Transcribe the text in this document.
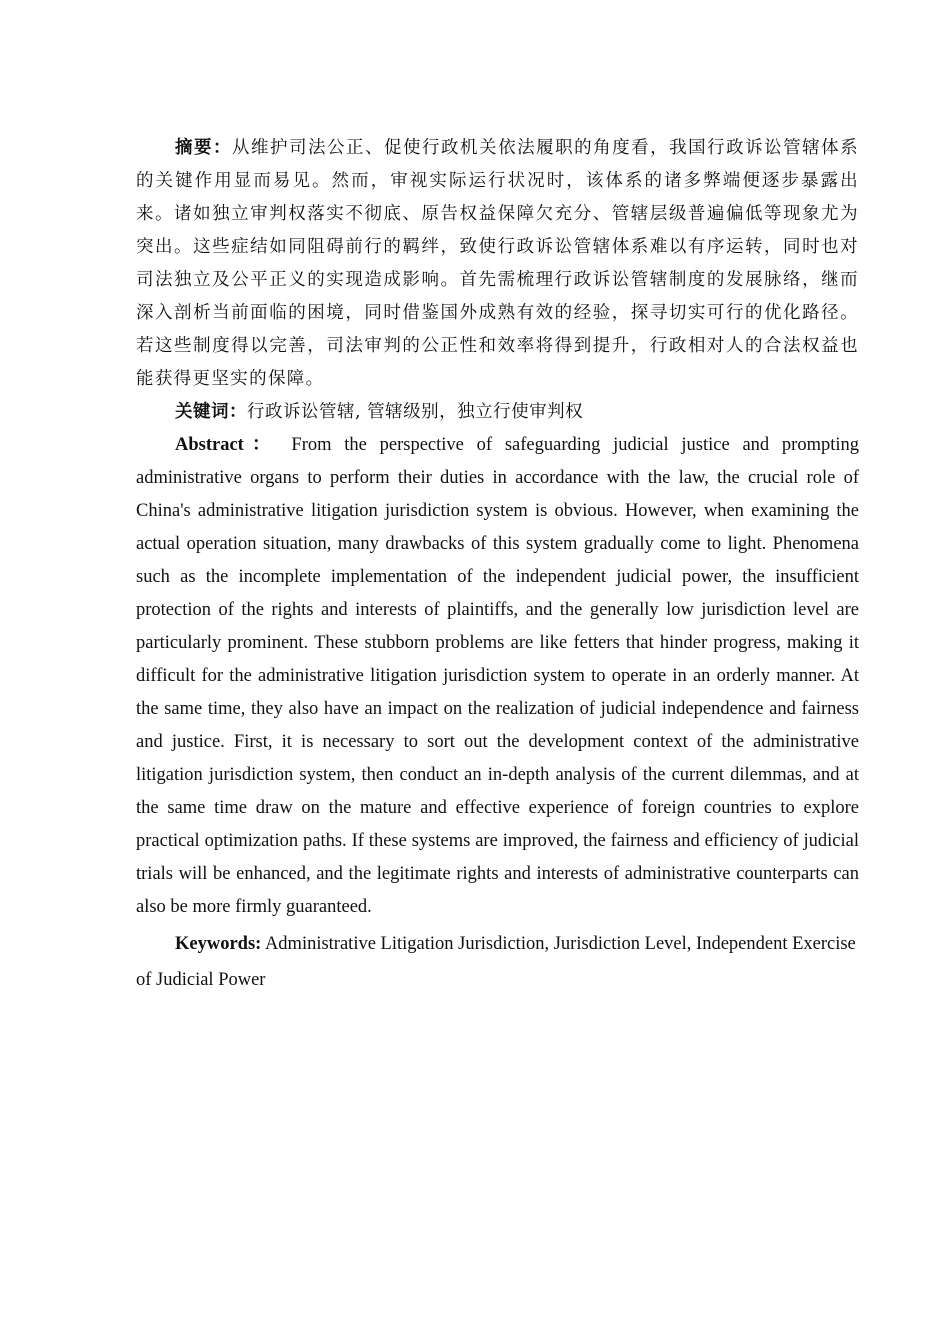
摘要：从维护司法公正、促使行政机关依法履职的角度看，我国行政诉讼管辖体系的关键作用显而易见。然而，审视实际运行状况时，该体系的诸多弊端便逐步暴露出来。诸如独立审判权落实不彻底、原告权益保障欠充分、管辖层级普遍偏低等现象尤为突出。这些症结如同阻碍前行的羁绊，致使行政诉讼管辖体系难以有序运转，同时也对司法独立及公平正义的实现造成影响。首先需梳理行政诉讼管辖制度的发展脉络，继而深入剖析当前面临的困境，同时借鉴国外成熟有效的经验，探寻切实可行的优化路径。若这些制度得以完善，司法审判的公正性和效率将得到提升，行政相对人的合法权益也能获得更坚实的保障。

关键词：行政诉讼管辖, 管辖级别，独立行使审判权

Abstract： From the perspective of safeguarding judicial justice and prompting administrative organs to perform their duties in accordance with the law, the crucial role of China's administrative litigation jurisdiction system is obvious. However, when examining the actual operation situation, many drawbacks of this system gradually come to light. Phenomena such as the incomplete implementation of the independent judicial power, the insufficient protection of the rights and interests of plaintiffs, and the generally low jurisdiction level are particularly prominent. These stubborn problems are like fetters that hinder progress, making it difficult for the administrative litigation jurisdiction system to operate in an orderly manner. At the same time, they also have an impact on the realization of judicial independence and fairness and justice. First, it is necessary to sort out the development context of the administrative litigation jurisdiction system, then conduct an in-depth analysis of the current dilemmas, and at the same time draw on the mature and effective experience of foreign countries to explore practical optimization paths. If these systems are improved, the fairness and efficiency of judicial trials will be enhanced, and the legitimate rights and interests of administrative counterparts can also be more firmly guaranteed.

Keywords: Administrative Litigation Jurisdiction, Jurisdiction Level, Independent Exercise of Judicial Power
